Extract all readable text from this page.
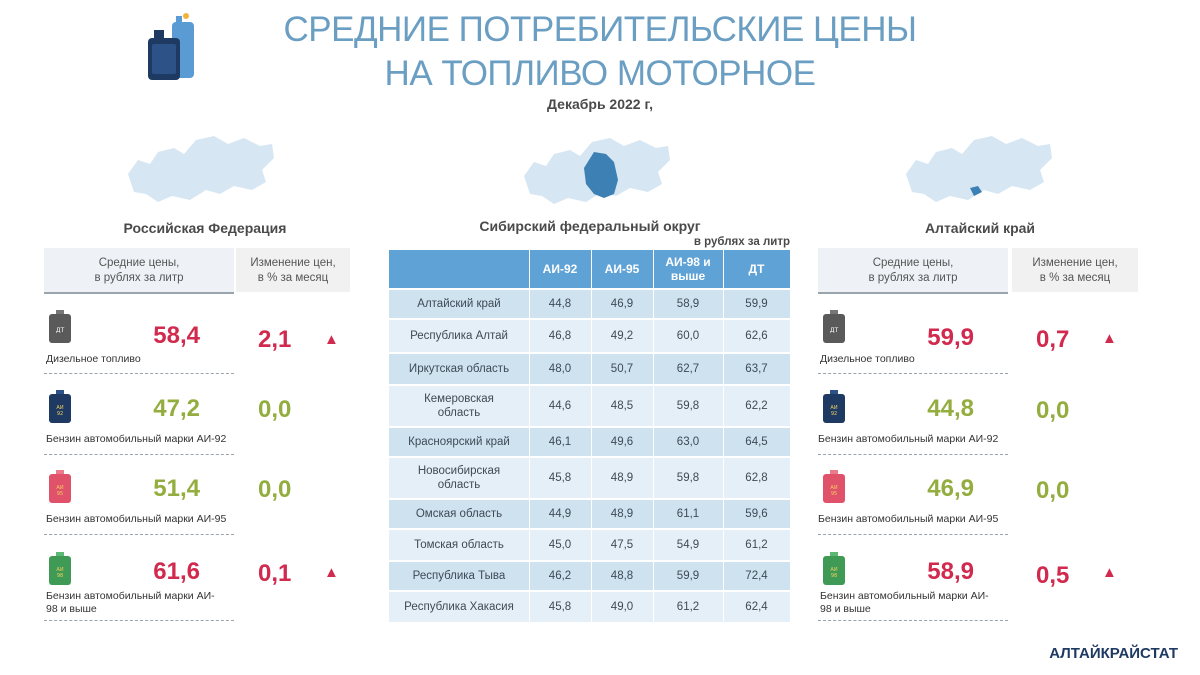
СРЕДНИЕ ПОТРЕБИТЕЛЬСКИЕ ЦЕНЫ
НА ТОПЛИВО МОТОРНОЕ
Декабрь 2022 г,
Российская Федерация	Сибирский федеральный округ	Алтайский край
в рублях за литр
Средние цены,
в рублях за литр
Изменение цен,
в % за месяц
Средние цены,
в рублях за литр
Изменение цен,
в % за месяц
ДТ	58,4
Дизельное топливо
2,1 ▲
АИ
92	47,2
Бензин автомобильный марки АИ-92
0,0
АИ
95	51,4
Бензин автомобильный марки АИ-95
0,0
АИ
98	61,6
Бензин автомобильный марки АИ-
98 и выше
0,1 ▲
ДТ	59,9
Дизельное топливо
0,7 ▲
АИ
92	44,8
Бензин автомобильный марки АИ-92
0,0
АИ
95	46,9
Бензин автомобильный марки АИ-95
0,0
АИ
98	58,9
Бензин автомобильный марки АИ-
98 и выше
0,5 ▲
АИ-92	АИ-95	АИ-98 и выше	ДТ
Алтайский край	44,8	46,9	58,9	59,9
Республика Алтай	46,8	49,2	60,0	62,6
Иркутская область	48,0	50,7	62,7	63,7
Кемеровская область
44,6	48,5	59,8	62,2
Красноярский край	46,1	49,6	63,0	64,5
Новосибирская область
45,8	48,9	59,8	62,8
Омская область	44,9	48,9	61,1	59,6
Томская область	45,0	47,5	54,9	61,2
Республика Тыва	46,2	48,8	59,9	72,4
Республика Хакасия	45,8	49,0	61,2	62,4
АЛТАЙКРАЙСТАТ
